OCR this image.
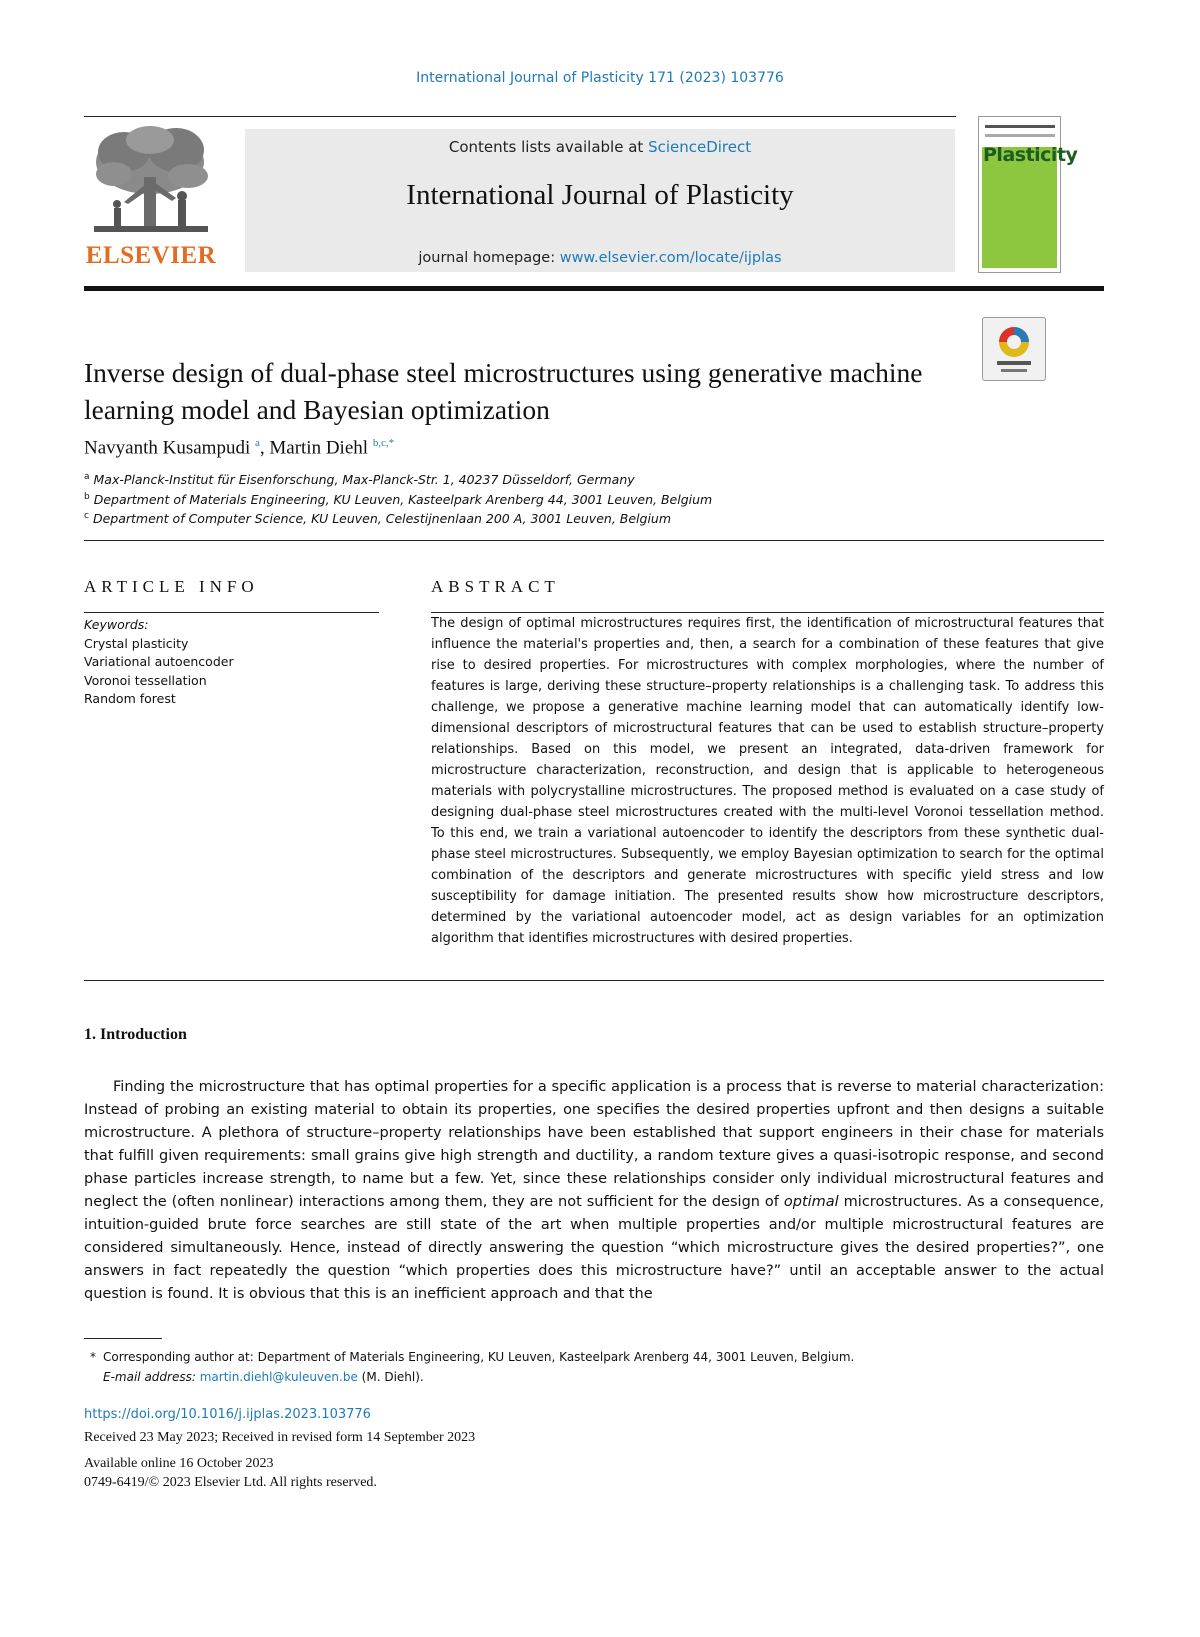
International Journal of Plasticity 171 (2023) 103776
ELSEVIER
Contents lists available at ScienceDirect
International Journal of Plasticity
journal homepage: www.elsevier.com/locate/ijplas
Plasticity
Inverse design of dual-phase steel microstructures using generative machine learning model and Bayesian optimization
Navyanth Kusampudi $^a$, Martin Diehl $^{b,c,*}$
$^a$ Max-Planck-Institut für Eisenforschung, Max-Planck-Str. 1, 40237 Düsseldorf, Germany
$^b$ Department of Materials Engineering, KU Leuven, Kasteelpark Arenberg 44, 3001 Leuven, Belgium
$^c$ Department of Computer Science, KU Leuven, Celestijnenlaan 200 A, 3001 Leuven, Belgium
ARTICLE INFO
Keywords:
Crystal plasticity
Variational autoencoder
Voronoi tessellation
Random forest
ABSTRACT
The design of optimal microstructures requires first, the identification of microstructural features that influence the material's properties and, then, a search for a combination of these features that give rise to desired properties. For microstructures with complex morphologies, where the number of features is large, deriving these structure–property relationships is a challenging task. To address this challenge, we propose a generative machine learning model that can automatically identify low-dimensional descriptors of microstructural features that can be used to establish structure–property relationships. Based on this model, we present an integrated, data-driven framework for microstructure characterization, reconstruction, and design that is applicable to heterogeneous materials with polycrystalline microstructures. The proposed method is evaluated on a case study of designing dual-phase steel microstructures created with the multi-level Voronoi tessellation method. To this end, we train a variational autoencoder to identify the descriptors from these synthetic dual-phase steel microstructures. Subsequently, we employ Bayesian optimization to search for the optimal combination of the descriptors and generate microstructures with specific yield stress and low susceptibility for damage initiation. The presented results show how microstructure descriptors, determined by the variational autoencoder model, act as design variables for an optimization algorithm that identifies microstructures with desired properties.
1. Introduction
Finding the microstructure that has optimal properties for a specific application is a process that is reverse to material characterization: Instead of probing an existing material to obtain its properties, one specifies the desired properties upfront and then designs a suitable microstructure. A plethora of structure–property relationships have been established that support engineers in their chase for materials that fulfill given requirements: small grains give high strength and ductility, a random texture gives a quasi-isotropic response, and second phase particles increase strength, to name but a few. Yet, since these relationships consider only individual microstructural features and neglect the (often nonlinear) interactions among them, they are not sufficient for the design of optimal microstructures. As a consequence, intuition-guided brute force searches are still state of the art when multiple properties and/or multiple microstructural features are considered simultaneously. Hence, instead of directly answering the question “which microstructure gives the desired properties?”, one answers in fact repeatedly the question “which properties does this microstructure have?” until an acceptable answer to the actual question is found. It is obvious that this is an inefficient approach and that the
* Corresponding author at: Department of Materials Engineering, KU Leuven, Kasteelpark Arenberg 44, 3001 Leuven, Belgium.
E-mail address: martin.diehl@kuleuven.be (M. Diehl).
https://doi.org/10.1016/j.ijplas.2023.103776
Received 23 May 2023; Received in revised form 14 September 2023
Available online 16 October 2023
0749-6419/© 2023 Elsevier Ltd. All rights reserved.
